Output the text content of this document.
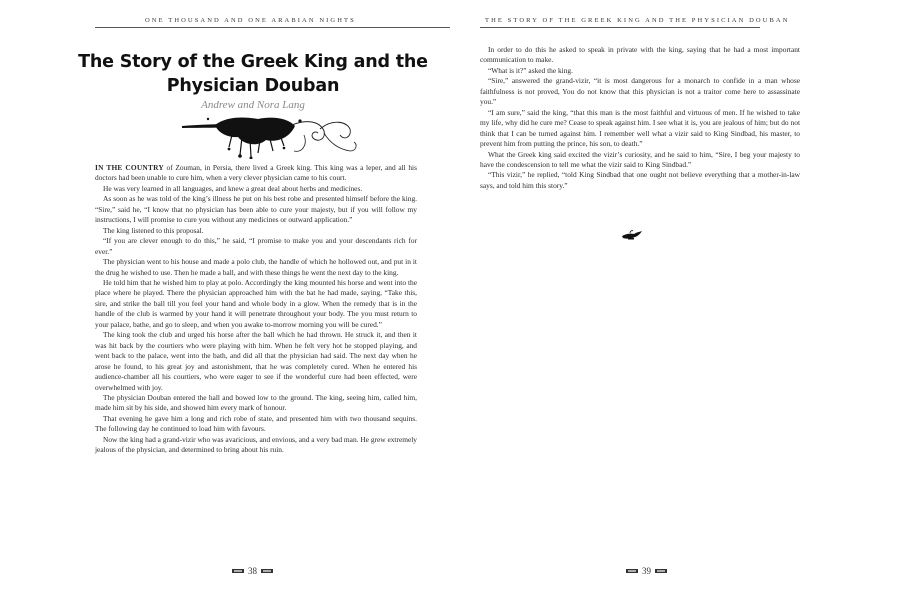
ONE THOUSAND AND ONE ARABIAN NIGHTS
The Story of the Greek King and the Physician Douban
Andrew and Nora Lang

IN THE COUNTRY of Zouman, in Persia, there lived a Greek king. This king was a leper, and all his doctors had been unable to cure him, when a very clever physician came to his court.

He was very learned in all languages, and knew a great deal about herbs and medicines.

As soon as he was told of the king’s illness he put on his best robe and presented himself before the king. “Sire,” said he, “I know that no physician has been able to cure your majesty, but if you will follow my instructions, I will promise to cure you without any medicines or outward application.”

The king listened to this proposal.

“If you are clever enough to do this,” he said, “I promise to make you and your descendants rich for ever.”

The physician went to his house and made a polo club, the handle of which he hollowed out, and put in it the drug he wished to use. Then he made a ball, and with these things he went the next day to the king.

He told him that he wished him to play at polo. Accordingly the king mounted his horse and went into the place where he played. There the physician approached him with the bat he had made, saying, “Take this, sire, and strike the ball till you feel your hand and whole body in a glow. When the remedy that is in the handle of the club is warmed by your hand it will penetrate throughout your body. The you must return to your palace, bathe, and go to sleep, and when you awake to-morrow morning you will be cured.”

The king took the club and urged his horse after the ball which he had thrown. He struck it, and then it was hit back by the courtiers who were playing with him. When he felt very hot he stopped playing, and went back to the palace, went into the bath, and did all that the physician had said. The next day when he arose he found, to his great joy and astonishment, that he was completely cured. When he entered his audience-chamber all his courtiers, who were eager to see if the wonderful cure had been effected, were overwhelmed with joy.

The physician Douban entered the hall and bowed low to the ground. The king, seeing him, called him, made him sit by his side, and showed him every mark of honour.

That evening he gave him a long and rich robe of state, and presented him with two thousand sequins. The following day he continued to load him with favours.

Now the king had a grand-vizir who was avaricious, and envious, and a very bad man. He grew extremely jealous of the physician, and determined to bring about his ruin.

38
THE STORY OF THE GREEK KING AND THE PHYSICIAN DOUBAN

In order to do this he asked to speak in private with the king, saying that he had a most important communication to make.

“What is it?” asked the king.

“Sire,” answered the grand-vizir, “it is most dangerous for a monarch to confide in a man whose faithfulness is not proved, You do not know that this physician is not a traitor come here to assassinate you.”

“I am sure,” said the king, “that this man is the most faithful and virtuous of men. If he wished to take my life, why did he cure me? Cease to speak against him. I see what it is, you are jealous of him; but do not think that I can be turned against him. I remember well what a vizir said to King Sindbad, his master, to prevent him from putting the prince, his son, to death.”

What the Greek king said excited the vizir’s curiosity, and he said to him, “Sire, I beg your majesty to have the condescension to tell me what the vizir said to King Sindbad.”

“This vizir,” he replied, “told King Sindbad that one ought not believe everything that a mother-in-law says, and told him this story.”

39
